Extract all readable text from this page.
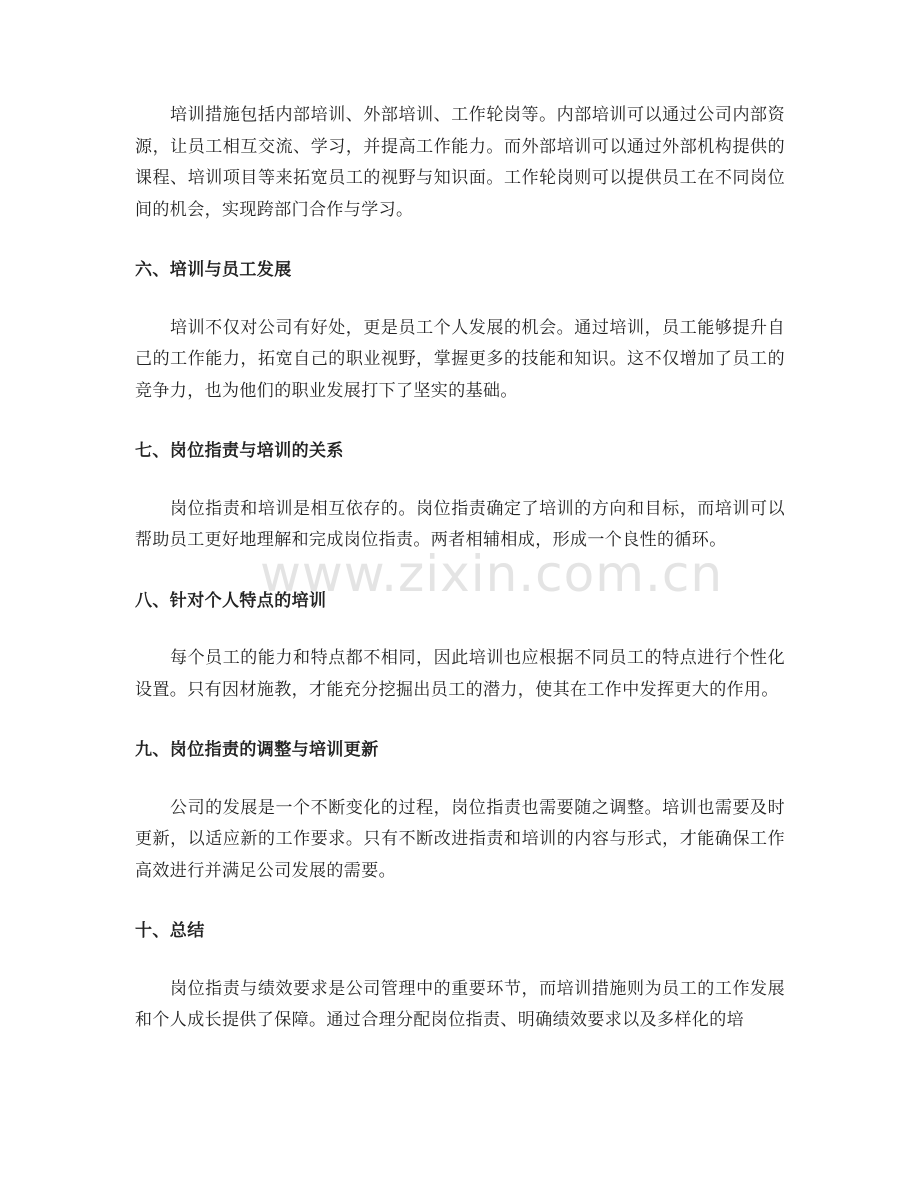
培训措施包括内部培训、外部培训、工作轮岗等。内部培训可以通过公司内部资源，让员工相互交流、学习，并提高工作能力。而外部培训可以通过外部机构提供的课程、培训项目等来拓宽员工的视野与知识面。工作轮岗则可以提供员工在不同岗位间的机会，实现跨部门合作与学习。

六、培训与员工发展

培训不仅对公司有好处，更是员工个人发展的机会。通过培训，员工能够提升自己的工作能力，拓宽自己的职业视野，掌握更多的技能和知识。这不仅增加了员工的竞争力，也为他们的职业发展打下了坚实的基础。

七、岗位指责与培训的关系

岗位指责和培训是相互依存的。岗位指责确定了培训的方向和目标，而培训可以帮助员工更好地理解和完成岗位指责。两者相辅相成，形成一个良性的循环。

八、针对个人特点的培训

每个员工的能力和特点都不相同，因此培训也应根据不同员工的特点进行个性化设置。只有因材施教，才能充分挖掘出员工的潜力，使其在工作中发挥更大的作用。

九、岗位指责的调整与培训更新

公司的发展是一个不断变化的过程，岗位指责也需要随之调整。培训也需要及时更新，以适应新的工作要求。只有不断改进指责和培训的内容与形式，才能确保工作高效进行并满足公司发展的需要。

十、总结

岗位指责与绩效要求是公司管理中的重要环节，而培训措施则为员工的工作发展和个人成长提供了保障。通过合理分配岗位指责、明确绩效要求以及多样化的培

www.zixin.com.cn
